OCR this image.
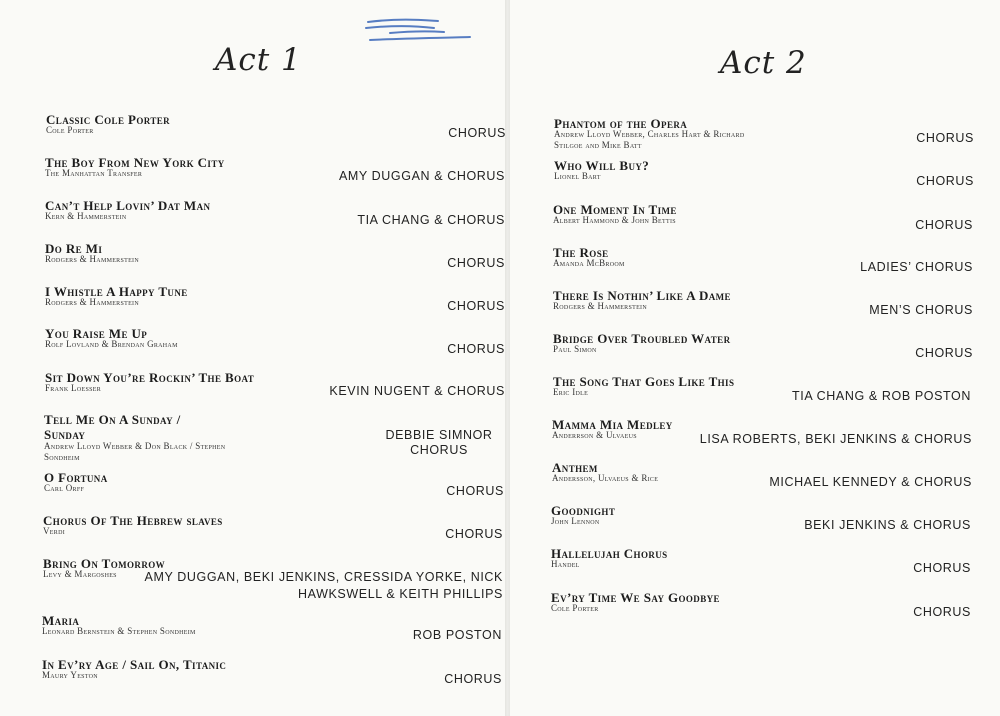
Act 1	Act 2
Classic Cole Porter
Cole Porter	CHORUS
The Boy From New York City
The Manhattan Transfer	AMY DUGGAN & CHORUS
Can’t Help Lovin’ Dat Man
Kern & Hammerstein	TIA CHANG & CHORUS
Do Re Mi
Rodgers & Hammerstein	CHORUS
I Whistle A Happy Tune
Rodgers & Hammerstein	CHORUS
You Raise Me Up
Rolf Lovland & Brendan Graham	CHORUS
Sit Down You’re Rockin’ The Boat
Frank Loesser	KEVIN NUGENT & CHORUS
Tell Me On A Sunday / Sunday
Andrew Lloyd Webber & Don Black / Stephen Sondheim
DEBBIE SIMNOR CHORUS
O Fortuna
Carl Orff	CHORUS
Chorus Of The Hebrew slaves
Verdi	CHORUS
Bring On Tomorrow
Levy & Margoshes	AMY DUGGAN, BEKI JENKINS, CRESSIDA YORKE, NICK HAWKSWELL & KEITH PHILLIPS
Maria
Leonard Bernstein & Stephen Sondheim	ROB POSTON
In Ev’ry Age / Sail On, Titanic
Maury Yeston	CHORUS
Phantom of the Opera
Andrew Lloyd Webber, Charles Hart & Richard Stilgoe and Mike Batt	CHORUS
Who Will Buy?
Lionel Bart	CHORUS
One Moment In Time
Albert Hammond & John Bettis	CHORUS
The Rose
Amanda McBroom	LADIES’ CHORUS
There Is Nothin’ Like A Dame
Rodgers & Hammerstein	MEN’S CHORUS
Bridge Over Troubled Water
Paul Simon	CHORUS
The Song That Goes Like This
Eric Idle	TIA CHANG & ROB POSTON
Mamma Mia Medley
Anderrson & Ulvaeus	LISA ROBERTS, BEKI JENKINS & CHORUS
Anthem
Andersson, Ulvaeus & Rice	MICHAEL KENNEDY & CHORUS
Goodnight
John Lennon	BEKI JENKINS & CHORUS
Hallelujah Chorus
Handel	CHORUS
Ev’ry Time We Say Goodbye
Cole Porter	CHORUS
